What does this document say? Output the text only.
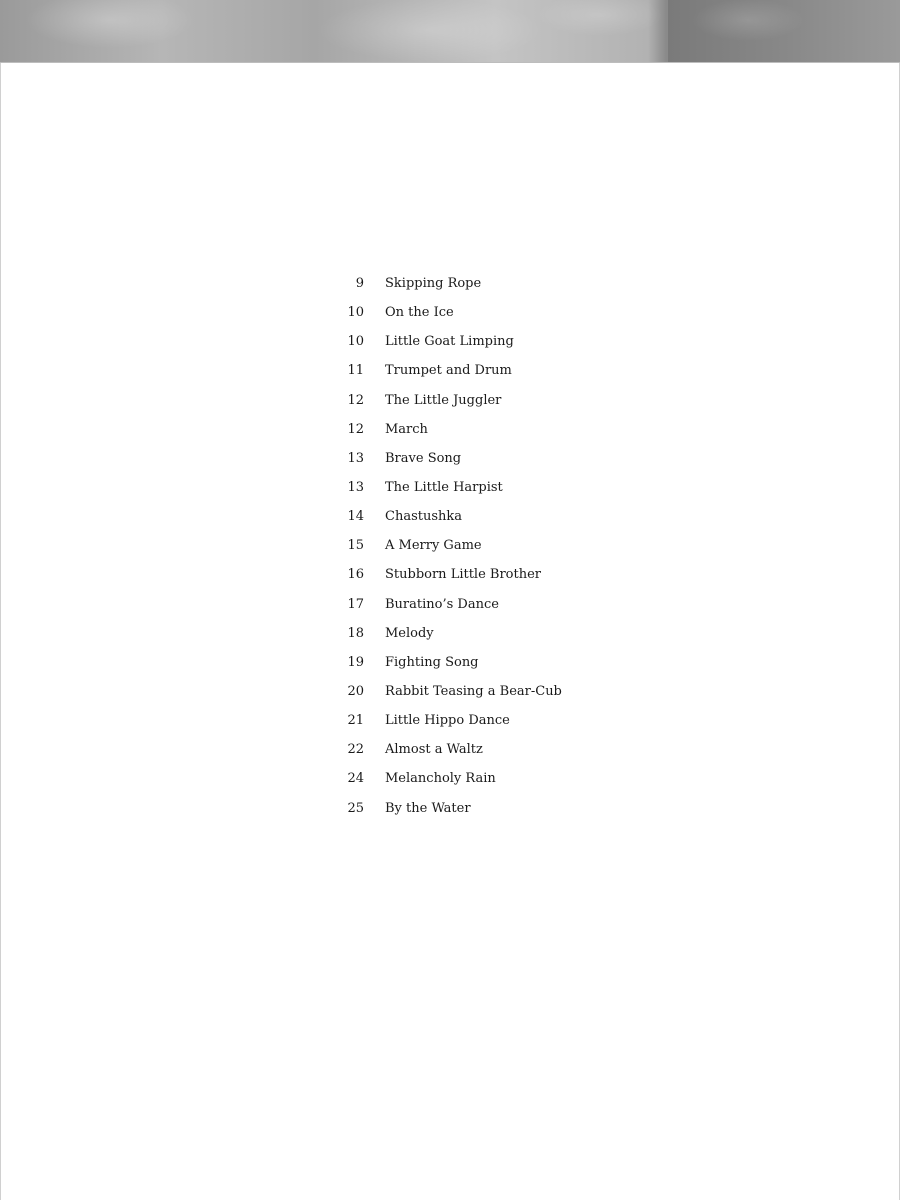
9 Skipping Rope
10 On the Ice
10 Little Goat Limping
11 Trumpet and Drum
12 The Little Juggler
12 March
13 Brave Song
13 The Little Harpist
14 Chastushka
15 A Merry Game
16 Stubborn Little Brother
17 Buratino’s Dance
18 Melody
19 Fighting Song
20 Rabbit Teasing a Bear-Cub
21 Little Hippo Dance
22 Almost a Waltz
24 Melancholy Rain
25 By the Water
